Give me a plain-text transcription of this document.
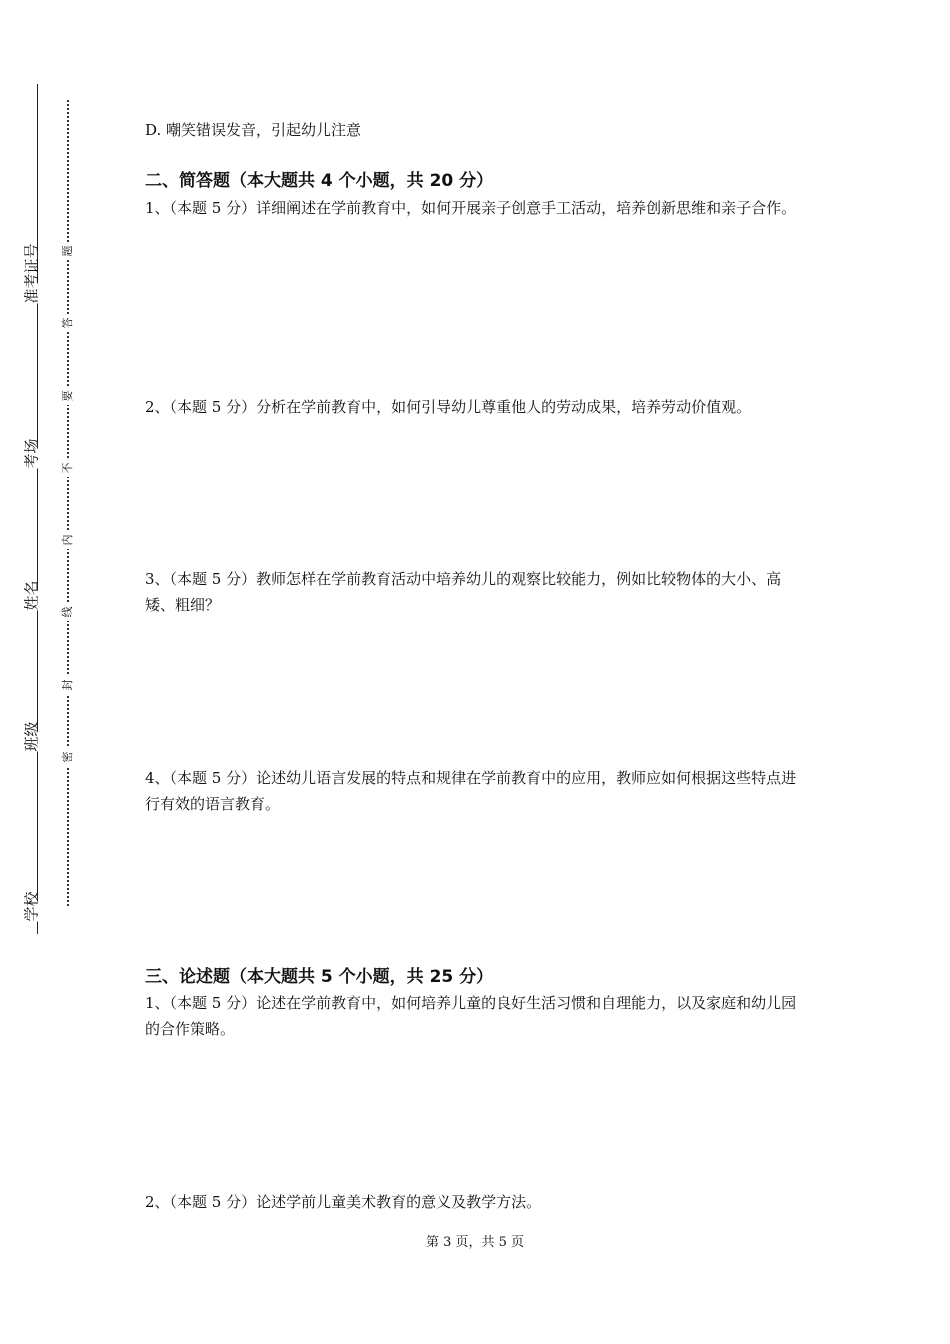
准考证号
考场
姓名
班级
学校
题
答
要
不
内
线
封
密
D. 嘲笑错误发音，引起幼儿注意
二、简答题（本大题共 4 个小题，共 20 分）
1、（本题 5 分）详细阐述在学前教育中，如何开展亲子创意手工活动，培养创新思维和亲子合作。
2、（本题 5 分）分析在学前教育中，如何引导幼儿尊重他人的劳动成果，培养劳动价值观。
3、（本题 5 分）教师怎样在学前教育活动中培养幼儿的观察比较能力，例如比较物体的大小、高矮、粗细？
4、（本题 5 分）论述幼儿语言发展的特点和规律在学前教育中的应用，教师应如何根据这些特点进行有效的语言教育。
三、论述题（本大题共 5 个小题，共 25 分）
1、（本题 5 分）论述在学前教育中，如何培养儿童的良好生活习惯和自理能力，以及家庭和幼儿园的合作策略。
2、（本题 5 分）论述学前儿童美术教育的意义及教学方法。
第 3 页，共 5 页
